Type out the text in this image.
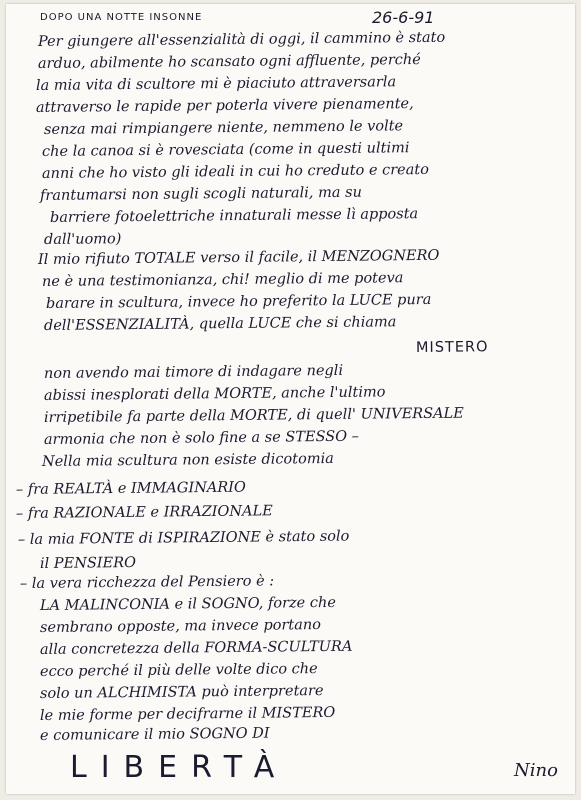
DOPO UNA NOTTE INSONNE	26-6-91
Per giungere all'essenzialità di oggi, il cammino è stato
arduo, abilmente ho scansato ogni affluente, perché
la mia vita di scultore mi è piaciuto attraversarla
attraverso le rapide per poterla vivere pienamente,
senza mai rimpiangere niente, nemmeno le volte
che la canoa si è rovesciata (come in questi ultimi
anni che ho visto gli ideali in cui ho creduto e creato
frantumarsi non sugli scogli naturali, ma su
barriere fotoelettriche innaturali messe lì apposta
dall'uomo)
Il mio rifiuto TOTALE verso il facile, il MENZOGNERO
ne è una testimonianza, chi! meglio di me poteva
barare in scultura, invece ho preferito la LUCE pura
dell'ESSENZIALITÀ, quella LUCE che si chiama
MISTERO
non avendo mai timore di indagare negli
abissi inesplorati della MORTE, anche l'ultimo
irripetibile fa parte della MORTE, di quell' UNIVERSALE
armonia che non è solo fine a se STESSO –
Nella mia scultura non esiste dicotomia
– fra REALTÀ e IMMAGINARIO
– fra RAZIONALE e IRRAZIONALE
– la mia FONTE di ISPIRAZIONE è stato solo
il PENSIERO
– la vera ricchezza del Pensiero è :
LA MALINCONIA e il SOGNO, forze che
sembrano opposte, ma invece portano
alla concretezza della FORMA-SCULTURA
ecco perché il più delle volte dico che
solo un ALCHIMISTA può interpretare
le mie forme per decifrarne il MISTERO
e comunicare il mio SOGNO DI
LIBERTÀ	Nino
